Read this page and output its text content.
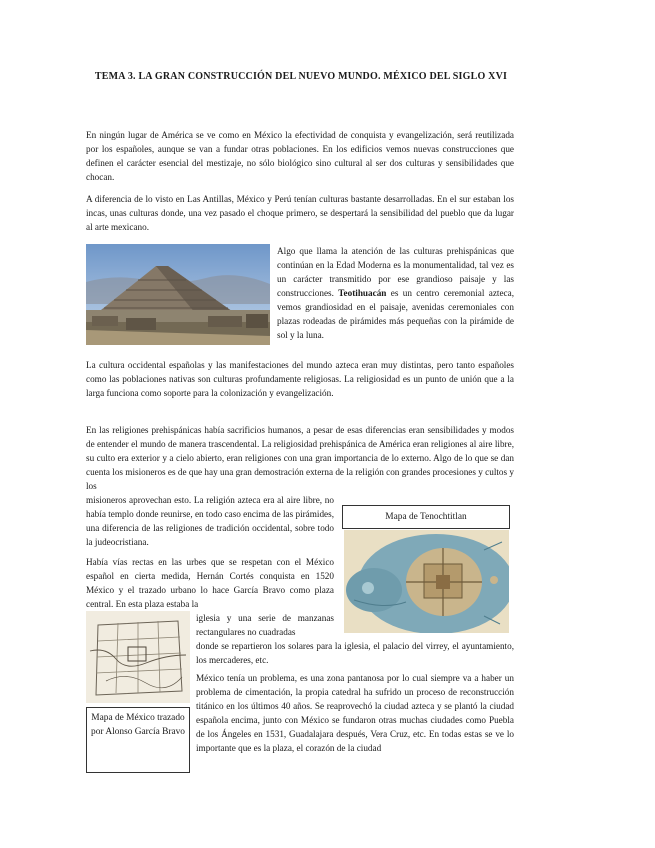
TEMA 3. LA GRAN CONSTRUCCIÓN DEL NUEVO MUNDO. MÉXICO DEL SIGLO XVI

En ningún lugar de América se ve como en México la efectividad de conquista y evangelización, será reutilizada por los españoles, aunque se van a fundar otras poblaciones. En los edificios vemos nuevas construcciones que definen el carácter esencial del mestizaje, no sólo biológico sino cultural al ser dos culturas y sensibilidades que chocan.

A diferencia de lo visto en Las Antillas, México y Perú tenían culturas bastante desarrolladas. En el sur estaban los incas, unas culturas donde, una vez pasado el choque primero, se despertará la sensibilidad del pueblo que da lugar al arte mexicano.

Algo que llama la atención de las culturas prehispánicas que continúan en la Edad Moderna es la monumentalidad, tal vez es un carácter transmitido por ese grandioso paisaje y las construcciones. Teotihuacán es un centro ceremonial azteca, vemos grandiosidad en el paisaje, avenidas ceremoniales con plazas rodeadas de pirámides más pequeñas con la pirámide de sol y la luna.

La cultura occidental españolas y las manifestaciones del mundo azteca eran muy distintas, pero tanto españoles como las poblaciones nativas son culturas profundamente religiosas. La religiosidad es un punto de unión que a la larga funciona como soporte para la colonización y evangelización.

En las religiones prehispánicas había sacrificios humanos, a pesar de esas diferencias eran sensibilidades y modos de entender el mundo de manera trascendental. La religiosidad prehispánica de América eran religiones al aire libre, su culto era exterior y a cielo abierto, eran religiones con una gran importancia de lo externo. Algo de lo que se dan cuenta los misioneros es de que hay una gran demostración externa de la religión con grandes procesiones y cultos y los

misioneros aprovechan esto. La religión azteca era al aire libre, no había templo donde reunirse, en todo caso encima de las pirámides, una diferencia de las religiones de tradición occidental, sobre todo la judeocristiana.

Mapa de Tenochtitlan

Había vías rectas en las urbes que se respetan con el México español en cierta medida, Hernán Cortés conquista en 1520 México y el trazado urbano lo hace García Bravo como plaza central. En esta plaza estaba la

iglesia y una serie de manzanas rectangulares no cuadradas

donde se repartieron los solares para la iglesia, el palacio del virrey, el ayuntamiento, los mercaderes, etc.

México tenía un problema, es una zona pantanosa por lo cual siempre va a haber un problema de cimentación, la propia catedral ha sufrido un proceso de reconstrucción titánico en los últimos 40 años. Se reaprovechó la ciudad azteca y se plantó la ciudad española encima, junto con México se fundaron otras muchas ciudades como Puebla de los Ángeles en 1531, Guadalajara después, Vera Cruz, etc. En todas estas se ve lo importante que es la plaza, el corazón de la ciudad

Mapa de México trazado por Alonso García Bravo
